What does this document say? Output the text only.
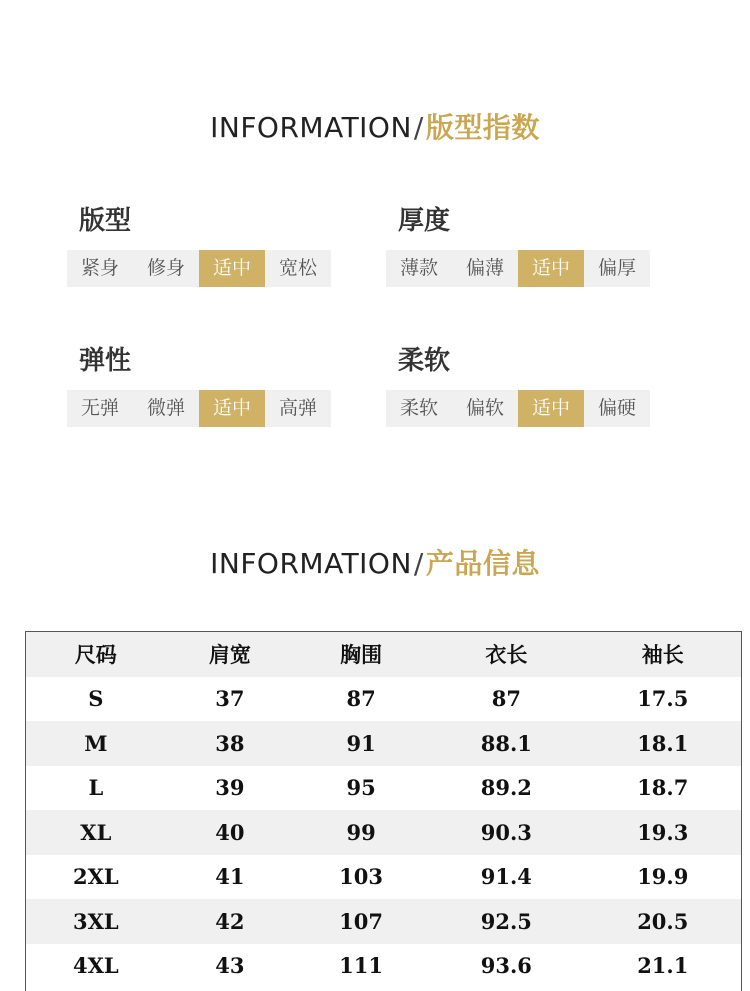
INFORMATION/版型指数
版型
紧身	修身	适中	宽松
厚度
薄款	偏薄	适中	偏厚
弹性
无弹	微弹	适中	高弹
柔软
柔软	偏软	适中	偏硬
INFORMATION/产品信息
尺码	肩宽	胸围	衣长	袖长
S	37	87	87	17.5
M	38	91	88.1	18.1
L	39	95	89.2	18.7
XL	40	99	90.3	19.3
2XL	41	103	91.4	19.9
3XL	42	107	92.5	20.5
4XL	43	111	93.6	21.1
